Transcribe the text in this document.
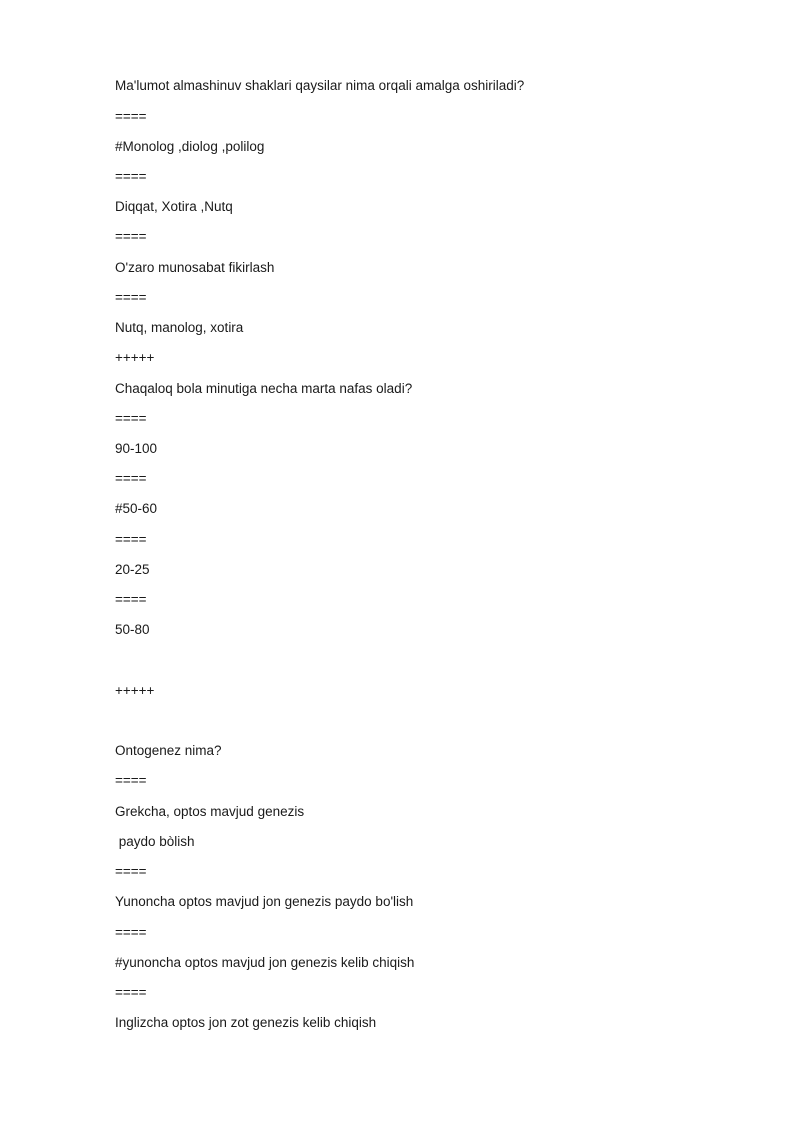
Ma'lumot almashinuv shaklari qaysilar nima orqali amalga oshiriladi?

====

#Monolog ,diolog ,polilog

====

Diqqat, Xotira ,Nutq

====

O'zaro munosabat fikirlash

====

Nutq, manolog, xotira

+++++

Chaqaloq bola minutiga necha marta nafas oladi?

====

90-100

====

#50-60

====

20-25

====

50-80

+++++

Ontogenez nima?

====

Grekcha, optos mavjud genezis

paydo bòlish

====

Yunoncha optos mavjud jon genezis paydo bo'lish

====

#yunoncha optos mavjud jon genezis kelib chiqish

====

Inglizcha optos jon zot genezis kelib chiqish
